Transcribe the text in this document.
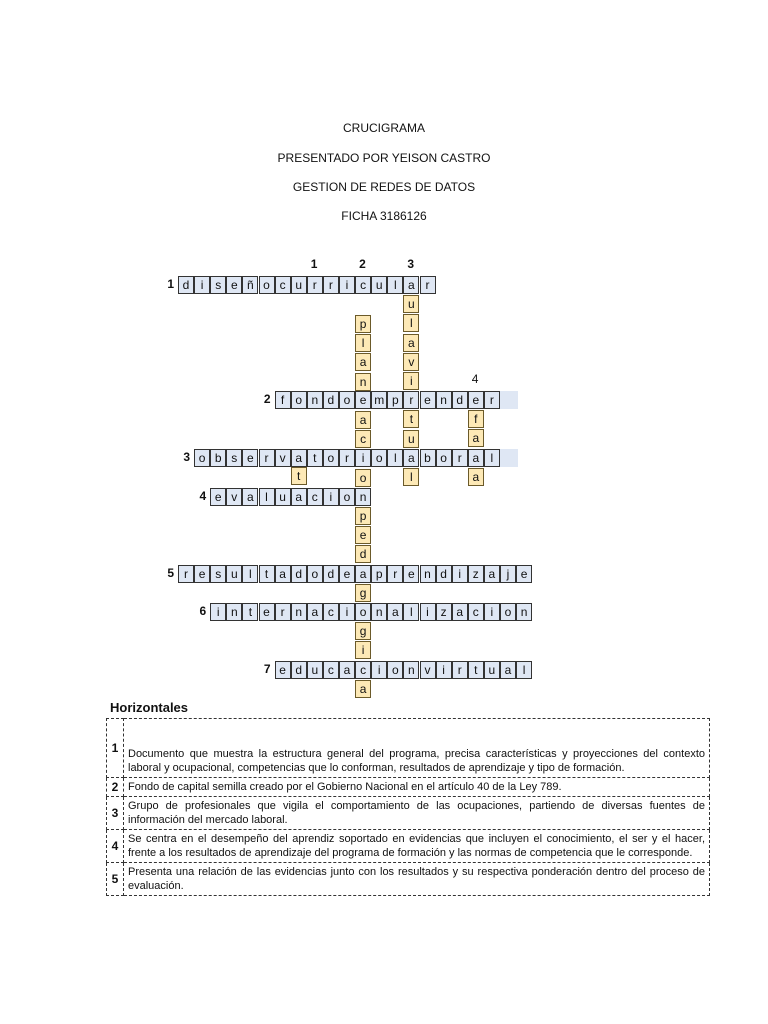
CRUCIGRAMA
PRESENTADO POR YEISON CASTRO
GESTION DE REDES DE DATOS
FICHA 3186126
d i s e ñ o c u r	r	i c u l a r
1
f o n d o e m p r e n d e r
2
o b s e r v a t o r	i o l a b o r a l
3
e v a l u a c i o n
4
r e s u l	t a d o d e a p r e n d i z a j e
5
i n t e r n a c i o n a l	i z a c i o n
6
e d u c a c i o n v i	r	t u a l
7
t
p
l
a
n
a
c
o
p
e
d
g
g
i
a
u
l
a
v
i
t
u
l
f
a
a
1	2	3
4
Horizontales
1	Documento que muestra la estructura general del programa, precisa características y proyecciones del contexto laboral y ocupacional, competencias que lo conforman, resultados de aprendizaje y tipo de formación.
2	Fondo de capital semilla creado por el Gobierno Nacional en el artículo 40 de la Ley 789.
3	Grupo de profesionales que vigila el comportamiento de las ocupaciones, partiendo de diversas fuentes de información del mercado laboral.
4	Se centra en el desempeño del aprendiz soportado en evidencias que incluyen el conocimiento, el ser y el hacer, frente a los resultados de aprendizaje del programa de formación y las normas de competencia que le corresponde.
5	Presenta una relación de las evidencias junto con los resultados y su respectiva ponderación dentro del proceso de evaluación.
